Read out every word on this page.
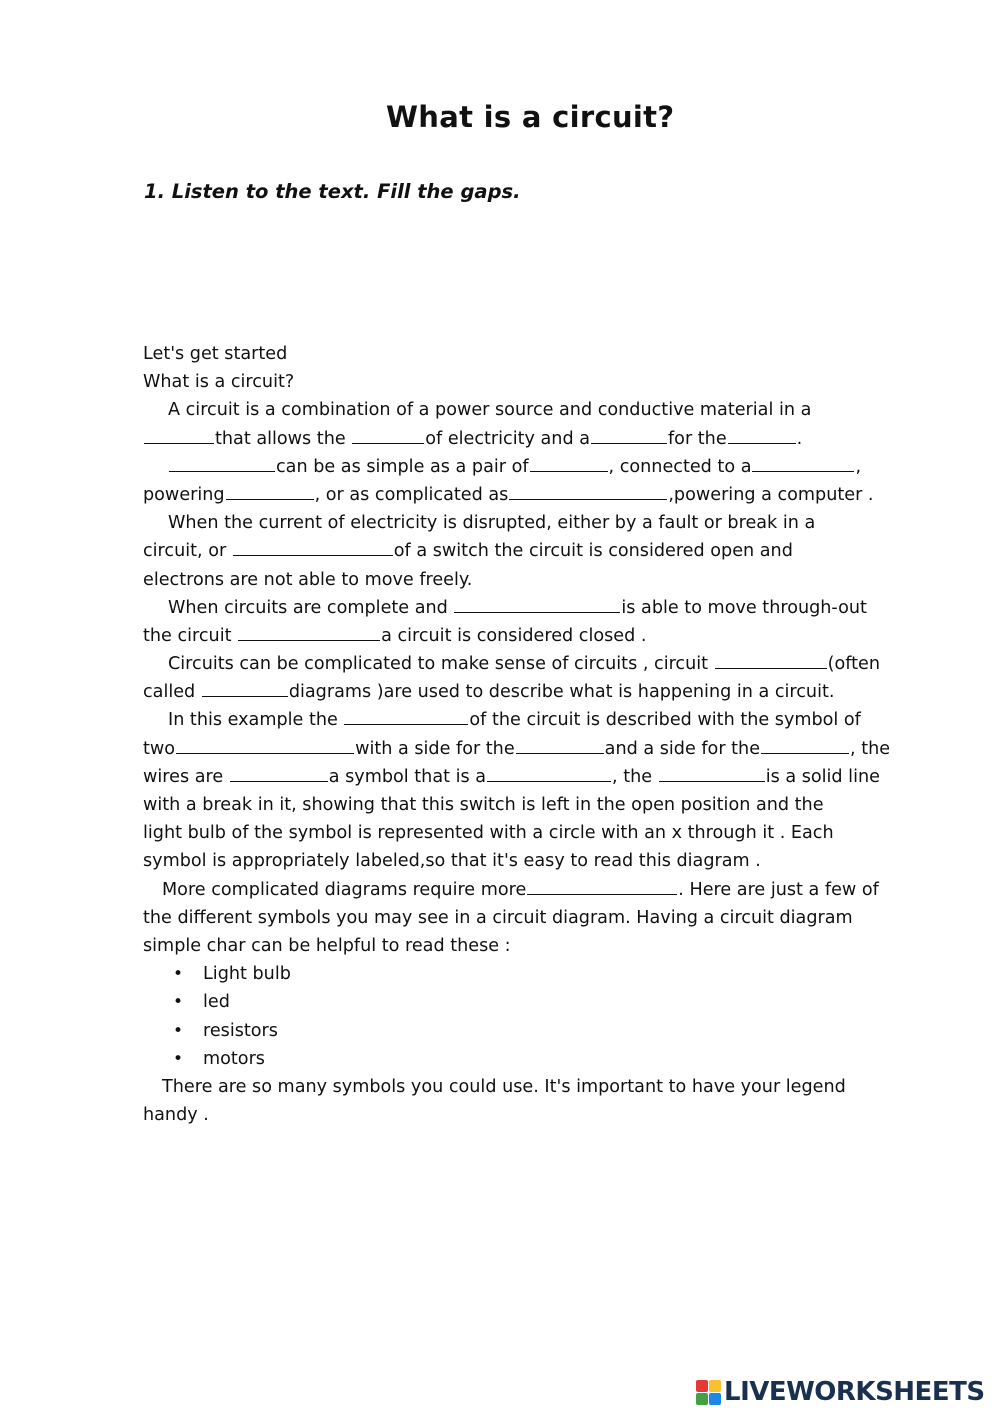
What is a circuit?
1. Listen to the text. Fill the gaps.
Let's get started
What is a circuit?
A circuit is a combination of a power source and conductive material in a
that allows the	of electricity and a	for the	.
can be as simple as a pair of	, connected to a	,
powering	, or as complicated as	,powering a computer .
When the current of electricity is disrupted, either by a fault or break in a
circuit, or	of a switch the circuit is considered open and
electrons are not able to move freely.
When circuits are complete and	is able to move through-out
the circuit	a circuit is considered closed .
Circuits can be complicated to make sense of circuits , circuit	(often
called	diagrams )are used to describe what is happening in a circuit.
In this example the	of the circuit is described with the symbol of
two	with a side for the	and a side for the	, the
wires are	a symbol that is a	, the	is a solid line
with a break in it, showing that this switch is left in the open position and the
light bulb of the symbol is represented with a circle with an x through it . Each
symbol is appropriately labeled,so that it's easy to read this diagram .
More complicated diagrams require more	. Here are just a few of
the different symbols you may see in a circuit diagram. Having a circuit diagram
simple char can be helpful to read these :
• Light bulb
• led
• resistors
• motors
There are so many symbols you could use. It's important to have your legend
handy .
LIVEWORKSHEETS
